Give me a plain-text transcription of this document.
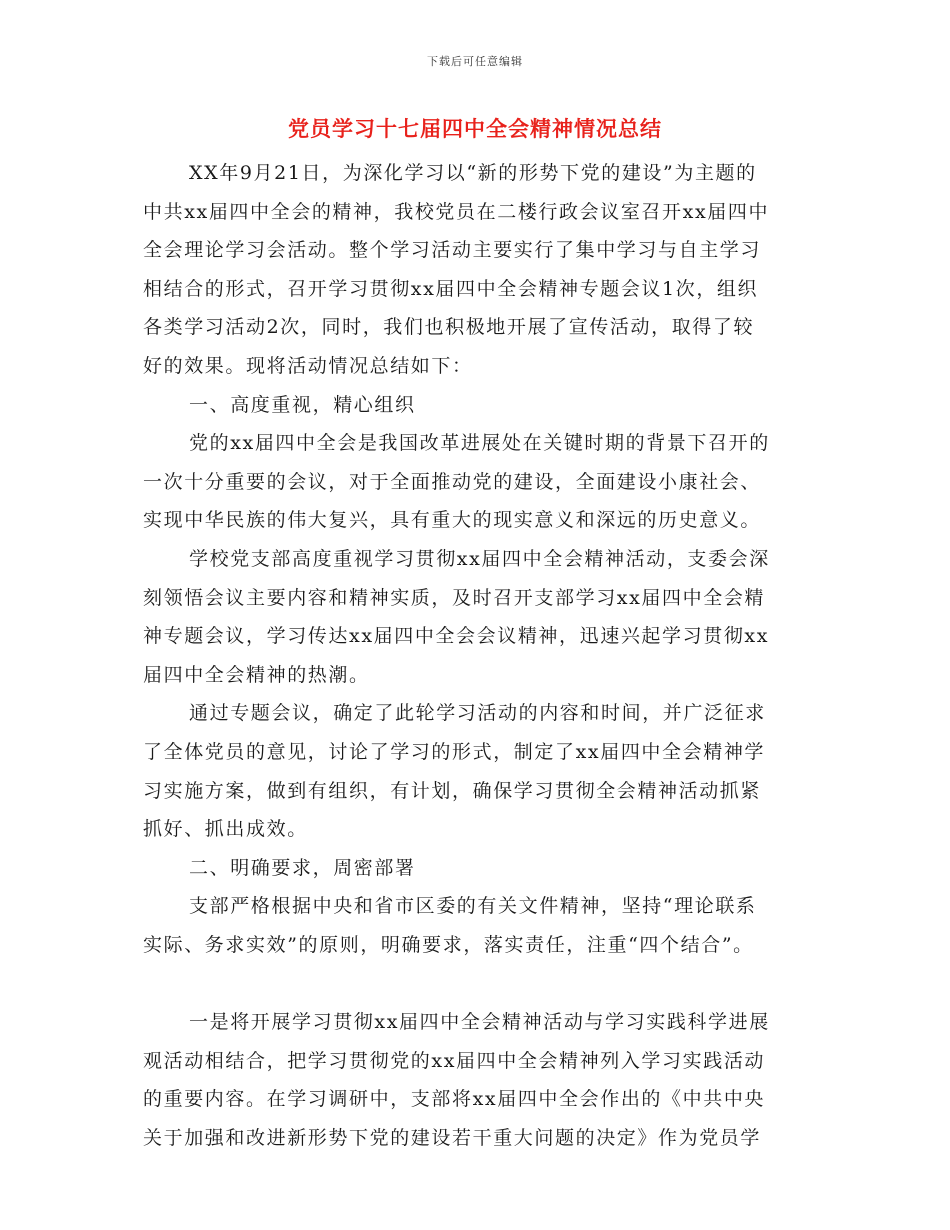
下载后可任意编辑
党员学习十七届四中全会精神情况总结
XX年9月21日，为深化学习以“新的形势下党的建设”为主题的
中共xx届四中全会的精神，我校党员在二楼行政会议室召开xx届四中
全会理论学习会活动。整个学习活动主要实行了集中学习与自主学习
相结合的形式，召开学习贯彻xx届四中全会精神专题会议1次，组织
各类学习活动2次，同时，我们也积极地开展了宣传活动，取得了较
好的效果。现将活动情况总结如下：
一、高度重视，精心组织
党的xx届四中全会是我国改革进展处在关键时期的背景下召开的
一次十分重要的会议，对于全面推动党的建设，全面建设小康社会、
实现中华民族的伟大复兴，具有重大的现实意义和深远的历史意义。
学校党支部高度重视学习贯彻xx届四中全会精神活动，支委会深
刻领悟会议主要内容和精神实质，及时召开支部学习xx届四中全会精
神专题会议，学习传达xx届四中全会会议精神，迅速兴起学习贯彻xx
届四中全会精神的热潮。
通过专题会议，确定了此轮学习活动的内容和时间，并广泛征求
了全体党员的意见，讨论了学习的形式，制定了xx届四中全会精神学
习实施方案，做到有组织，有计划，确保学习贯彻全会精神活动抓紧
抓好、抓出成效。
二、明确要求，周密部署
支部严格根据中央和省市区委的有关文件精神，坚持“理论联系
实际、务求实效”的原则，明确要求，落实责任，注重“四个结合”。
一是将开展学习贯彻xx届四中全会精神活动与学习实践科学进展
观活动相结合，把学习贯彻党的xx届四中全会精神列入学习实践活动
的重要内容。在学习调研中，支部将xx届四中全会作出的《中共中央
关于加强和改进新形势下党的建设若干重大问题的决定》作为党员学
